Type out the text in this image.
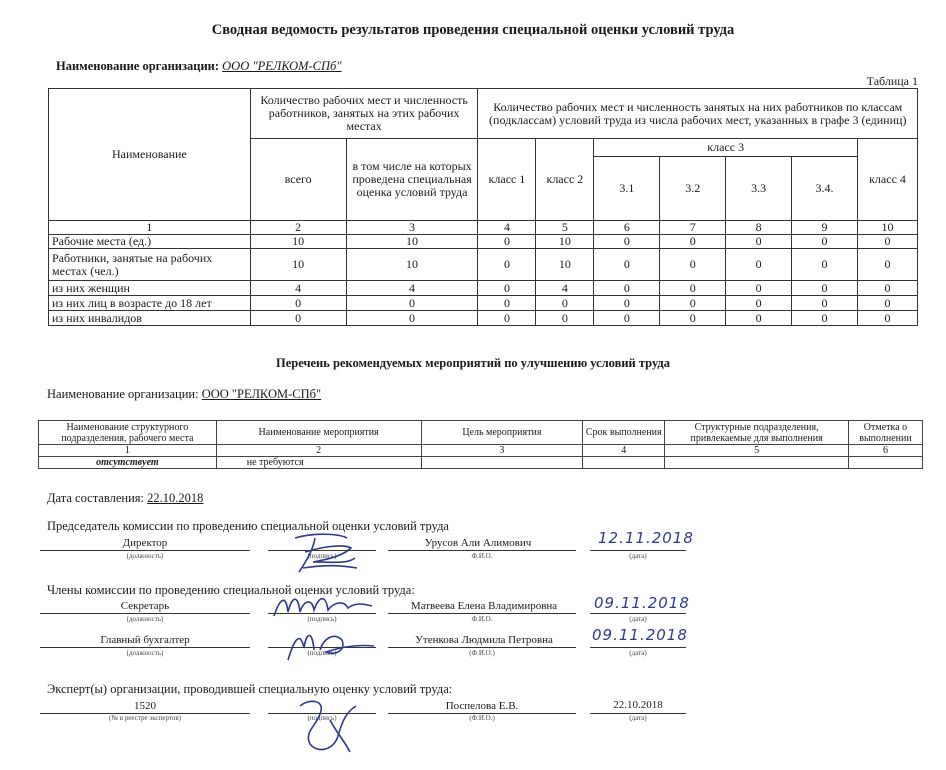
Сводная ведомость результатов проведения специальной оценки условий труда
Наименование организации: ООО "РЕЛКОМ-СПб"
Таблица 1
Наименование	Количество рабочих мест и численность работников, занятых на этих рабочих местах		Количество рабочих мест и численность занятых на них работников по классам (подклассам) условий труда из числа рабочих мест, указанных в графе 3 (единиц)						
	всего	в том числе на которых проведена специальная оценка условий труда	класс 1	класс 2	класс 3				класс 4
					3.1	3.2	3.3	3.4.	
1	2	3	4	5	6	7	8	9	10
Рабочие места (ед.)	10	10	0	10	0	0	0	0	0
Работники, занятые на рабочих местах (чел.)	10	10	0	10	0	0	0	0	0
из них женщин	4	4	0	4	0	0	0	0	0
из них лиц в возрасте до 18 лет	0	0	0	0	0	0	0	0	0
из них инвалидов	0	0	0	0	0	0	0	0	0
Перечень рекомендуемых мероприятий по улучшению условий труда
Наименование организации: ООО "РЕЛКОМ-СПб"
Наименование структурного подразделения, рабочего места	Наименование мероприятия	Цель мероприятия	Срок выполнения	Структурные подразделения, привлекаемые для выполнения	Отметка о выполнении
1	2	3	4	5	6
отсутствует	не требуются				
Дата составления: 22.10.2018
Председатель комиссии по проведению специальной оценки условий труда
Директор
(должность)	(подпись)
Урусов Али Алимович
Ф.И.О.
12.11.2018
(дата)
Члены комиссии по проведению специальной оценки условий труда:
Секретарь
(должность)	(подпись)
Матвеева Елена Владимировна
Ф.И.О.
09.11.2018
(дата)
Главный бухгалтер
(должность)	(подпись)
Утенкова Людмила Петровна
(Ф.И.О.)
09.11.2018
(дата)
Эксперт(ы) организации, проводившей специальную оценку условий труда:
1520
(№ в реестре экспертов)	(подпись)
Поспелова Е.В.
(Ф.И.О.)
22.10.2018
(дата)
